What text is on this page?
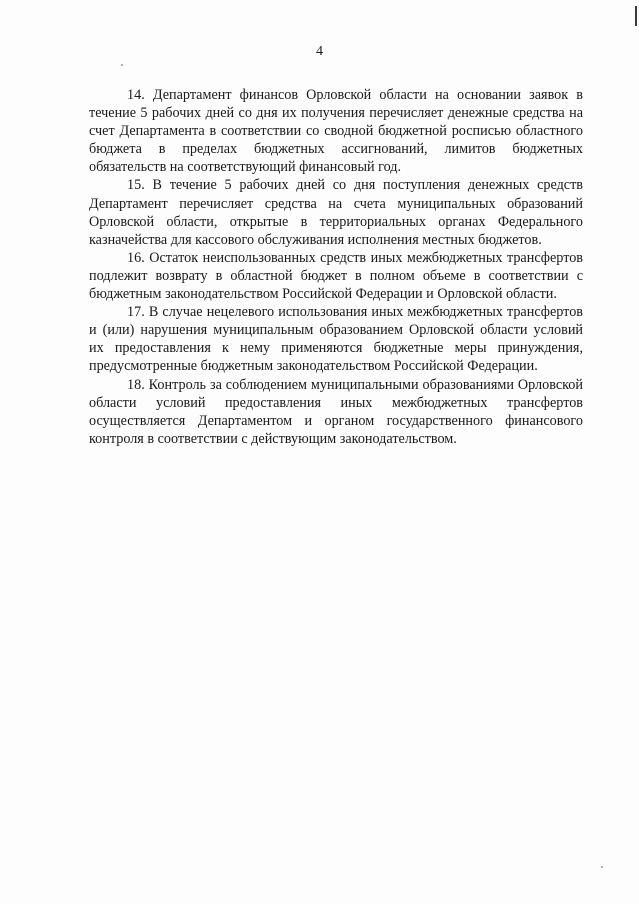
4

14. Департамент финансов Орловской области на основании заявок в течение 5 рабочих дней со дня их получения перечисляет денежные средства на счет Департамента в соответствии со сводной бюджетной росписью областного бюджета в пределах бюджетных ассигнований, лимитов бюджетных обязательств на соответствующий финансовый год.

15. В течение 5 рабочих дней со дня поступления денежных средств Департамент перечисляет средства на счета муниципальных образований Орловской области, открытые в территориальных органах Федерального казначейства для кассового обслуживания исполнения местных бюджетов.

16. Остаток неиспользованных средств иных межбюджетных трансфертов подлежит возврату в областной бюджет в полном объеме в соответствии с бюджетным законодательством Российской Федерации и Орловской области.

17. В случае нецелевого использования иных межбюджетных трансфертов и (или) нарушения муниципальным образованием Орловской области условий их предоставления к нему применяются бюджетные меры принуждения, предусмотренные бюджетным законодательством Российской Федерации.

18. Контроль за соблюдением муниципальными образованиями Орловской области условий предоставления иных межбюджетных трансфертов осуществляется Департаментом и органом государственного финансового контроля в соответствии с действующим законодательством.
